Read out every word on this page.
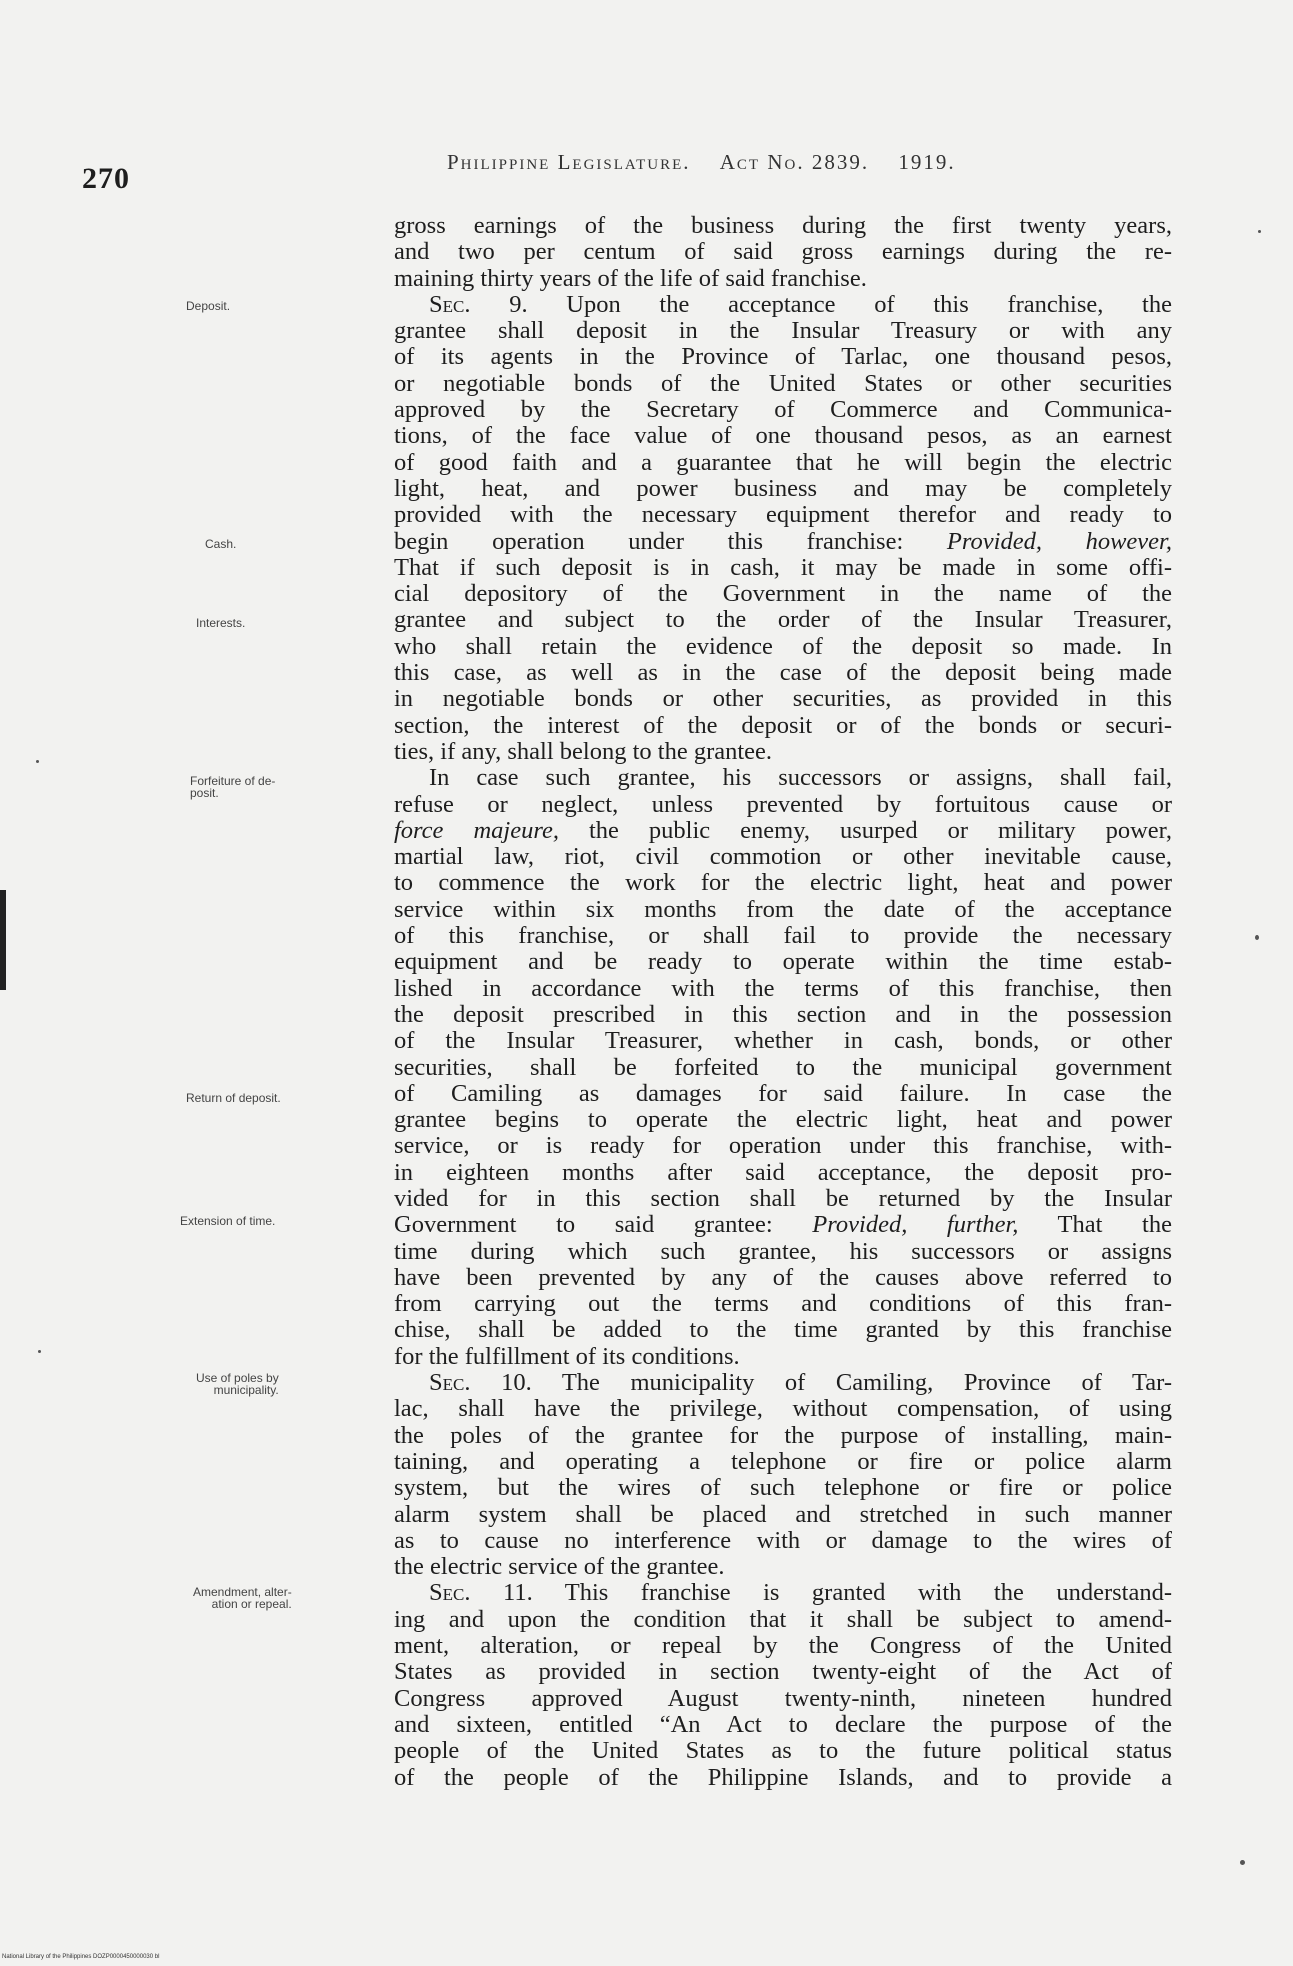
270	Philippine Legislature. Act No. 2839. 1919.
Deposit.
Cash.
Interests.
Forfeiture of de-
posit.
Return of deposit.
Extension of time.
Use of poles by
municipality.
Amendment, alter-
ation or repeal.
gross earnings of the business during the first twenty years,
and two per centum of said gross earnings during the re-
maining thirty years of the life of said franchise.
Sec. 9. Upon the acceptance of this franchise, the
grantee shall deposit in the Insular Treasury or with any
of its agents in the Province of Tarlac, one thousand pesos,
or negotiable bonds of the United States or other securities
approved by the Secretary of Commerce and Communica-
tions, of the face value of one thousand pesos, as an earnest
of good faith and a guarantee that he will begin the electric
light, heat, and power business and may be completely
provided with the necessary equipment therefor and ready to
begin operation under this franchise: Provided, however,
That if such deposit is in cash, it may be made in some offi-
cial depository of the Government in the name of the
grantee and subject to the order of the Insular Treasurer,
who shall retain the evidence of the deposit so made. In
this case, as well as in the case of the deposit being made
in negotiable bonds or other securities, as provided in this
section, the interest of the deposit or of the bonds or securi-
ties, if any, shall belong to the grantee.
In case such grantee, his successors or assigns, shall fail,
refuse or neglect, unless prevented by fortuitous cause or
force majeure, the public enemy, usurped or military power,
martial law, riot, civil commotion or other inevitable cause,
to commence the work for the electric light, heat and power
service within six months from the date of the acceptance
of this franchise, or shall fail to provide the necessary
equipment and be ready to operate within the time estab-
lished in accordance with the terms of this franchise, then
the deposit prescribed in this section and in the possession
of the Insular Treasurer, whether in cash, bonds, or other
securities, shall be forfeited to the municipal government
of Camiling as damages for said failure. In case the
grantee begins to operate the electric light, heat and power
service, or is ready for operation under this franchise, with-
in eighteen months after said acceptance, the deposit pro-
vided for in this section shall be returned by the Insular
Government to said grantee: Provided, further, That the
time during which such grantee, his successors or assigns
have been prevented by any of the causes above referred to
from carrying out the terms and conditions of this fran-
chise, shall be added to the time granted by this franchise
for the fulfillment of its conditions.
Sec. 10. The municipality of Camiling, Province of Tar-
lac, shall have the privilege, without compensation, of using
the poles of the grantee for the purpose of installing, main-
taining, and operating a telephone or fire or police alarm
system, but the wires of such telephone or fire or police
alarm system shall be placed and stretched in such manner
as to cause no interference with or damage to the wires of
the electric service of the grantee.
Sec. 11. This franchise is granted with the understand-
ing and upon the condition that it shall be subject to amend-
ment, alteration, or repeal by the Congress of the United
States as provided in section twenty-eight of the Act of
Congress approved August twenty-ninth, nineteen hundred
and sixteen, entitled “An Act to declare the purpose of the
people of the United States as to the future political status
of the people of the Philippine Islands, and to provide a
National Library of the Philippines DOZP0000450000030 bl
